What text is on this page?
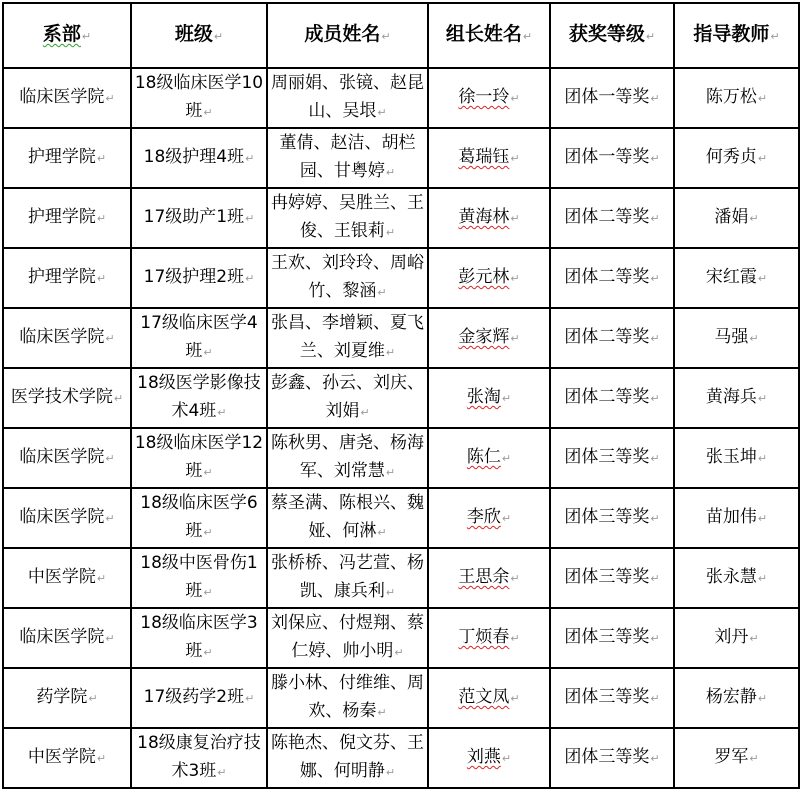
系部↵	班级↵	成员姓名↵	组长姓名↵	获奖等级↵	指导教师↵
临床医学院↵	18级临床医学10班↵	周丽娟、张镜、赵昆山、吴垠↵	徐一玲↵	团体一等奖↵	陈万松↵
护理学院↵	18级护理4班↵	董倩、赵洁、胡栏园、甘粤婷↵	葛瑞钰↵	团体一等奖↵	何秀贞↵
护理学院↵	17级助产1班↵	冉婷婷、吴胜兰、王俊、王银莉↵	黄海林↵	团体二等奖↵	潘娟↵
护理学院↵	17级护理2班↵	王欢、刘玲玲、周峪竹、黎涵↵	彭元林↵	团体二等奖↵	宋红霞↵
临床医学院↵	17级临床医学4班↵	张昌、李增颖、夏飞兰、刘夏维↵	金家辉↵	团体二等奖↵	马强↵
医学技术学院↵	18级医学影像技术4班↵	彭鑫、孙云、刘庆、刘娟↵	张淘↵	团体二等奖↵	黄海兵↵
临床医学院↵	18级临床医学12班↵	陈秋男、唐尧、杨海军、刘常慧↵	陈仁↵	团体三等奖↵	张玉坤↵
临床医学院↵	18级临床医学6班↵	蔡圣满、陈根兴、魏娅、何淋↵	李欣↵	团体三等奖↵	苗加伟↵
中医学院↵	18级中医骨伤1班↵	张桥桥、冯艺萱、杨凯、康兵利↵	王思余↵	团体三等奖↵	张永慧↵
临床医学院↵	18级临床医学3班↵	刘保应、付煜翔、蔡仁婷、帅小明↵	丁烦春↵	团体三等奖↵	刘丹↵
药学院↵	17级药学2班↵	滕小林、付维维、周欢、杨秦↵	范文凤↵	团体三等奖↵	杨宏静↵
中医学院↵	18级康复治疗技术3班↵	陈艳杰、倪文芬、王娜、何明静↵	刘燕↵	团体三等奖↵	罗军↵
